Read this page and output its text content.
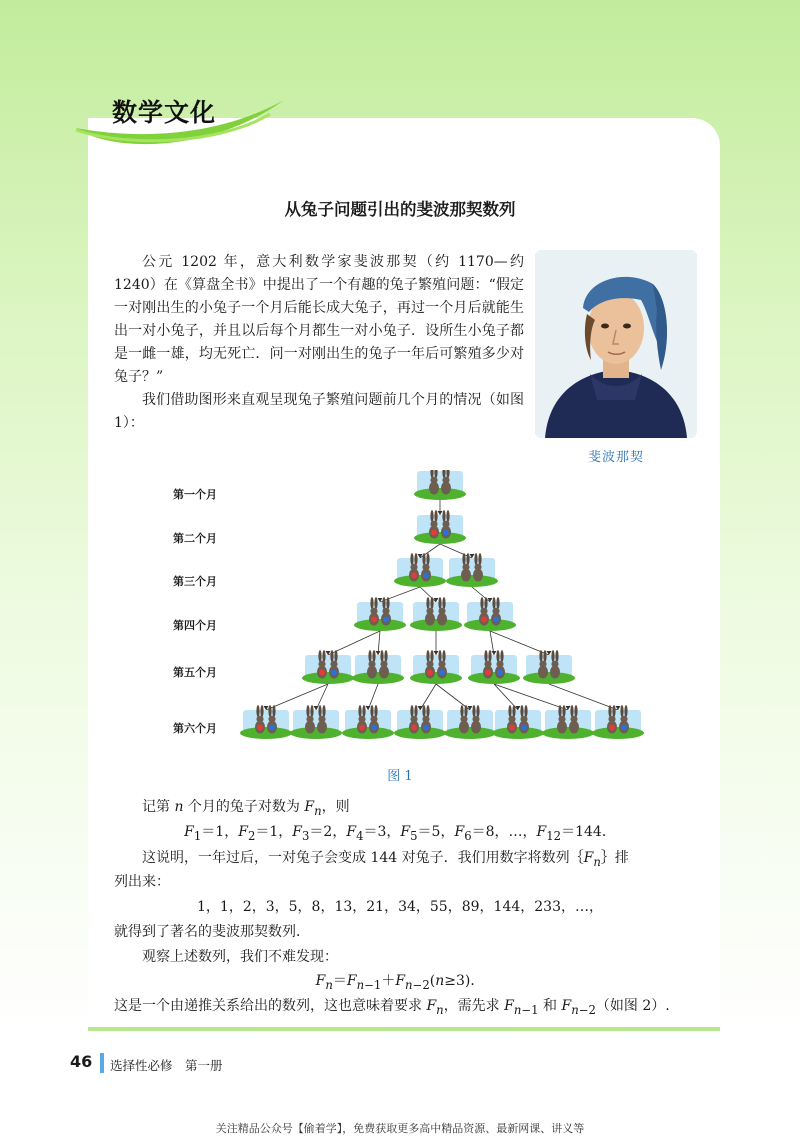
数学文化
从兔子问题引出的斐波那契数列

公元 1202 年，意大利数学家斐波那契（约 1170—约 1240）在《算盘全书》中提出了一个有趣的兔子繁殖问题：“假定一对刚出生的小兔子一个月后能长成大兔子，再过一个月后就能生出一对小兔子，并且以后每个月都生一对小兔子．设所生小兔子都是一雌一雄，均无死亡．问一对刚出生的兔子一年后可繁殖多少对兔子？”

我们借助图形来直观呈现兔子繁殖问题前几个月的情况（如图 1）：

斐波那契
第一个月
第二个月
第三个月
第四个月
第五个月
第六个月
图 1
记第 n 个月的兔子对数为 $F_n$，则
$F_1=1$，$F_2=1$，$F_3=2$，$F_4=3$，$F_5=5$，$F_6=8$，…，$F_{12}=144$．
这说明，一年过后，一对兔子会变成 144 对兔子．我们用数字将数列$\{F_n\}$排
列出来：
1，1，2，3，5，8，13，21，34，55，89，144，233，…，
就得到了著名的斐波那契数列．
观察上述数列，我们不难发现：
$F_n=F_{n-1}+F_{n-2}(n\ge 3)$．
这是一个由递推关系给出的数列，这也意味着要求 $F_n$，需先求 $F_{n-1}$ 和 $F_{n-2}$（如图 2）.
46 选择性必修　第一册
关注精品公众号【偷着学】，免费获取更多高中精品资源、最新网课、讲义等
